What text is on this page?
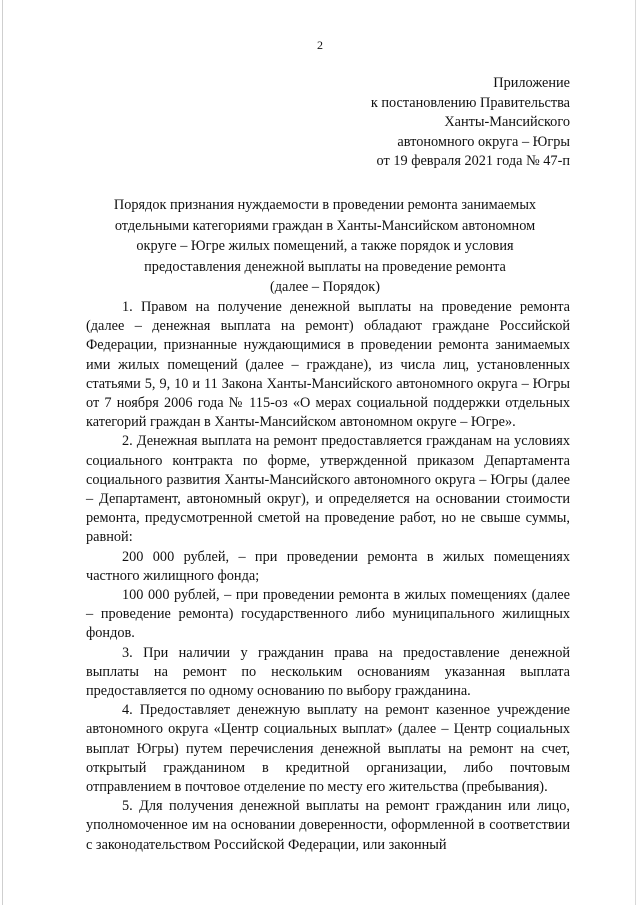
2
Приложение
к постановлению Правительства
Ханты-Мансийского
автономного округа – Югры
от 19 февраля 2021 года № 47-п
Порядок признания нуждаемости в проведении ремонта занимаемых
отдельными категориями граждан в Ханты-Мансийском автономном
округе – Югре жилых помещений, а также порядок и условия
предоставления денежной выплаты на проведение ремонта
(далее – Порядок)

1. Правом на получение денежной выплаты на проведение ремонта (далее – денежная выплата на ремонт) обладают граждане Российской Федерации, признанные нуждающимися в проведении ремонта занимаемых ими жилых помещений (далее – граждане), из числа лиц, установленных статьями 5, 9, 10 и 11 Закона Ханты-Мансийского автономного округа – Югры от 7 ноября 2006 года № 115-оз «О мерах социальной поддержки отдельных категорий граждан в Ханты-Мансийском автономном округе – Югре».

2. Денежная выплата на ремонт предоставляется гражданам на условиях социального контракта по форме, утвержденной приказом Департамента социального развития Ханты-Мансийского автономного округа – Югры (далее – Департамент, автономный округ), и определяется на основании стоимости ремонта, предусмотренной сметой на проведение работ, но не свыше суммы, равной:

200 000 рублей, – при проведении ремонта в жилых помещениях частного жилищного фонда;

100 000 рублей, – при проведении ремонта в жилых помещениях (далее – проведение ремонта) государственного либо муниципального жилищных фондов.

3. При наличии у гражданин права на предоставление денежной выплаты на ремонт по нескольким основаниям указанная выплата предоставляется по одному основанию по выбору гражданина.

4. Предоставляет денежную выплату на ремонт казенное учреждение автономного округа «Центр социальных выплат» (далее – Центр социальных выплат Югры) путем перечисления денежной выплаты на ремонт на счет, открытый гражданином в кредитной организации, либо почтовым отправлением в почтовое отделение по месту его жительства (пребывания).

5. Для получения денежной выплаты на ремонт гражданин или лицо, уполномоченное им на основании доверенности, оформленной в соответствии с законодательством Российской Федерации, или законный
